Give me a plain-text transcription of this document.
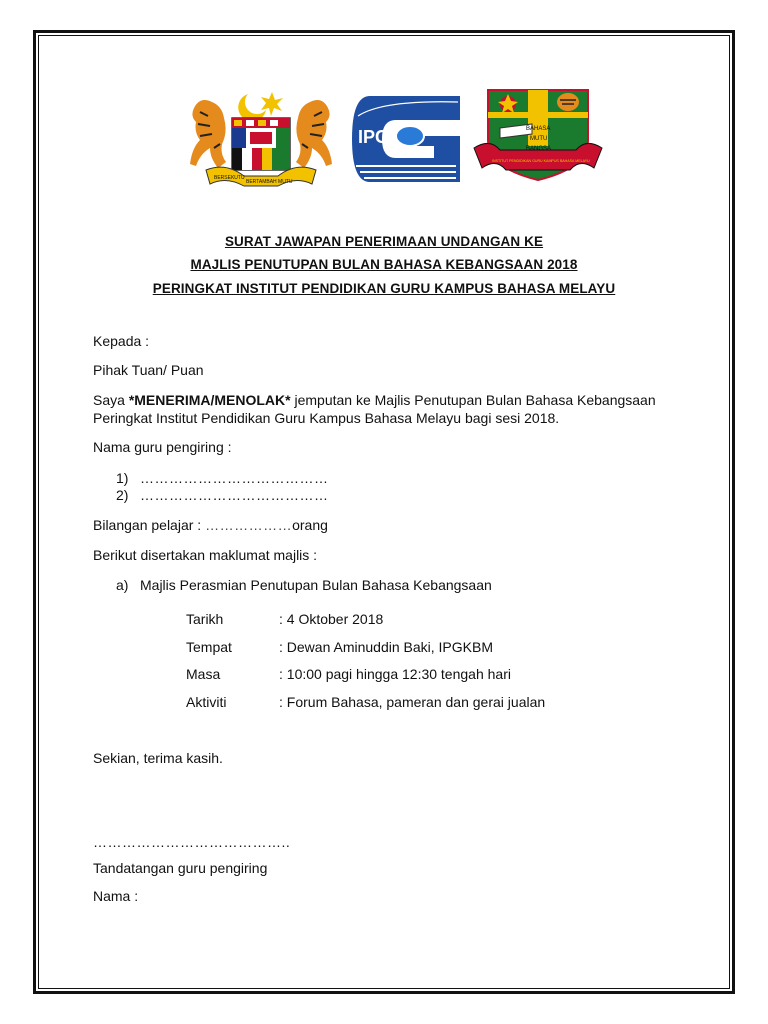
BERSEKUTU
BERTAMBAH MUTU
IPG	BAHASA
MUTU
BANGSA
INSTITUT PENDIDIKAN GURU KAMPUS BAHASA MELAYU
SURAT JAWAPAN PENERIMAAN UNDANGAN KE
MAJLIS PENUTUPAN BULAN BAHASA KEBANGSAAN 2018
PERINGKAT INSTITUT PENDIDIKAN GURU KAMPUS BAHASA MELAYU
Kepada :
Pihak Tuan/ Puan
Saya *MENERIMA/MENOLAK* jemputan ke Majlis Penutupan Bulan Bahasa Kebangsaan
Peringkat Institut Pendidikan Guru Kampus Bahasa Melayu bagi sesi 2018.
Nama guru pengiring :
1) …………………………………
2) …………………………………
Bilangan pelajar : ………………orang
Berikut disertakan maklumat majlis :
a) Majlis Perasmian Penutupan Bulan Bahasa Kebangsaan
Tarikh	: 4 Oktober 2018
Tempat	: Dewan Aminuddin Baki, IPGKBM
Masa	: 10:00 pagi hingga 12:30 tengah hari
Aktiviti	: Forum Bahasa, pameran dan gerai jualan
Sekian, terima kasih.
…………………………………..
Tandatangan guru pengiring
Nama :
